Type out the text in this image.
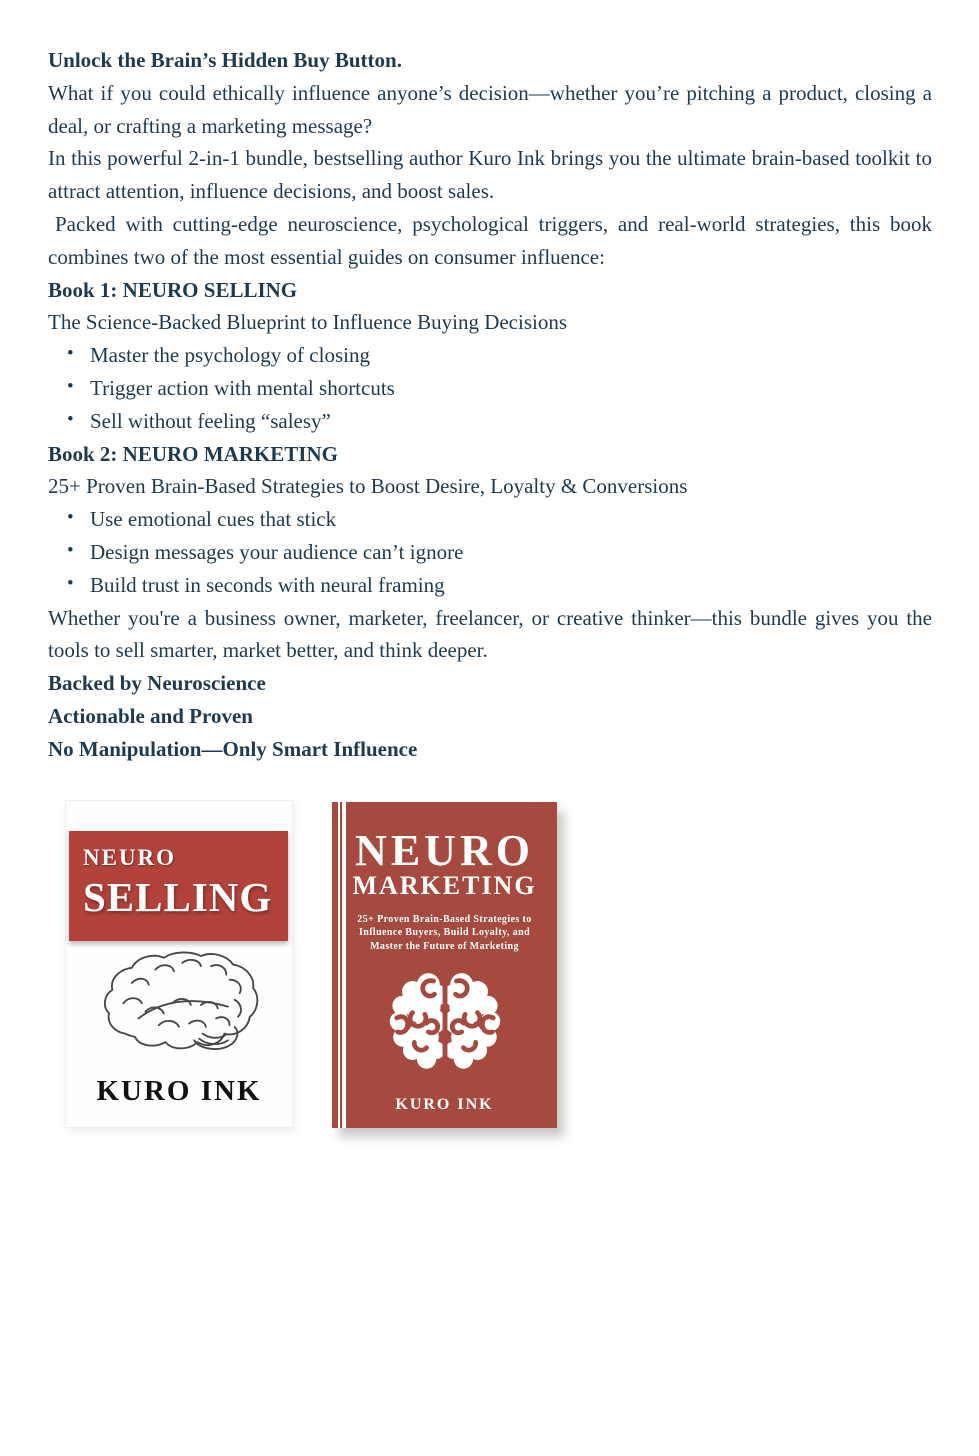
Unlock the Brain’s Hidden Buy Button.

What if you could ethically influence anyone’s decision—whether you’re pitching a product, closing a deal, or crafting a marketing message?

In this powerful 2-in-1 bundle, bestselling author Kuro Ink brings you the ultimate brain-based toolkit to attract attention, influence decisions, and boost sales.

Packed with cutting-edge neuroscience, psychological triggers, and real-world strategies, this book combines two of the most essential guides on consumer influence:

Book 1: NEURO SELLING

The Science-Backed Blueprint to Influence Buying Decisions

• Master the psychology of closing
• Trigger action with mental shortcuts
• Sell without feeling “salesy”
Book 2: NEURO MARKETING

25+ Proven Brain-Based Strategies to Boost Desire, Loyalty & Conversions

• Use emotional cues that stick
• Design messages your audience can’t ignore
• Build trust in seconds with neural framing

Whether you're a business owner, marketer, freelancer, or creative thinker—this bundle gives you the tools to sell smarter, market better, and think deeper.

Backed by Neuroscience

Actionable and Proven

No Manipulation—Only Smart Influence

NEURO
SELLING
KURO INK
NEURO
MARKETING
25+ Proven Brain-Based Strategies to
Influence Buyers, Build Loyalty, and
Master the Future of Marketing
KURO INK
